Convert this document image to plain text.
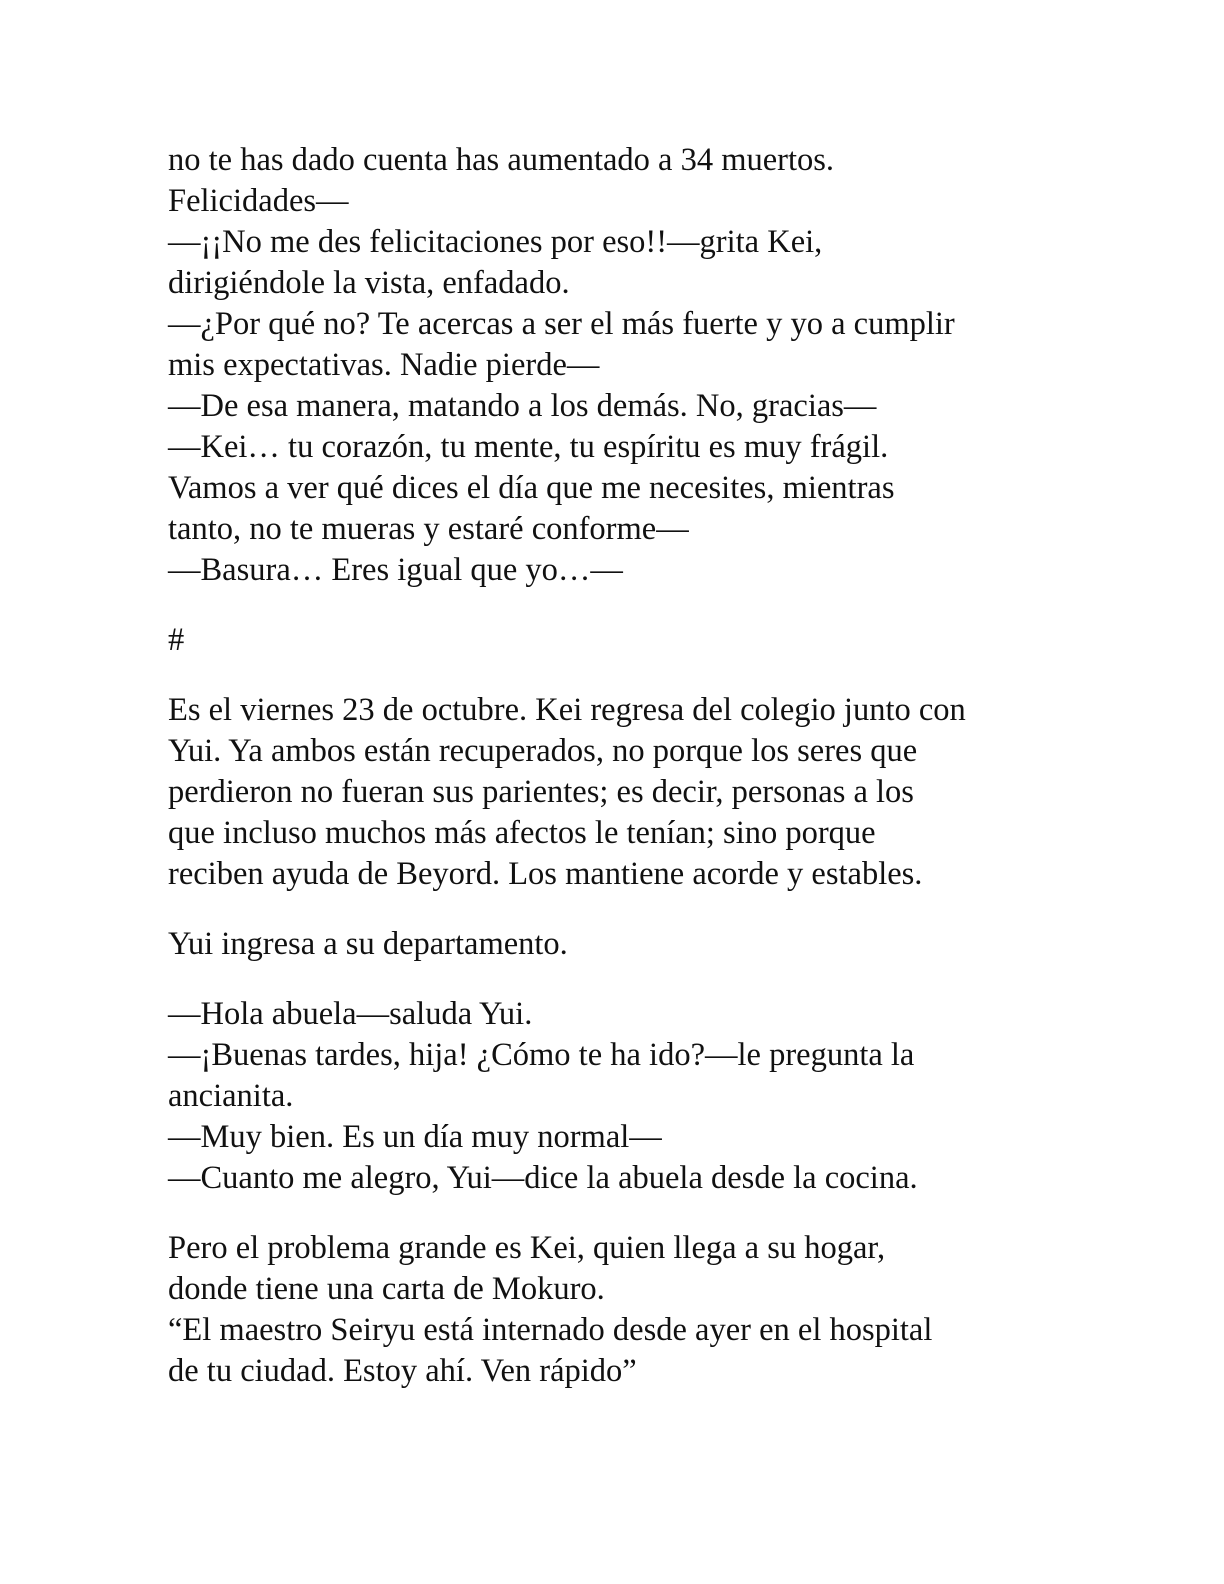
no te has dado cuenta has aumentado a 34 muertos.
Felicidades—
—¡¡No me des felicitaciones por eso!!—grita Kei,
dirigiéndole la vista, enfadado.
—¿Por qué no? Te acercas a ser el más fuerte y yo a cumplir
mis expectativas. Nadie pierde—
—De esa manera, matando a los demás. No, gracias—
—Kei… tu corazón, tu mente, tu espíritu es muy frágil.
Vamos a ver qué dices el día que me necesites, mientras
tanto, no te mueras y estaré conforme—
—Basura… Eres igual que yo…—

#

Es el viernes 23 de octubre. Kei regresa del colegio junto con
Yui. Ya ambos están recuperados, no porque los seres que
perdieron no fueran sus parientes; es decir, personas a los
que incluso muchos más afectos le tenían; sino porque
reciben ayuda de Beyord. Los mantiene acorde y estables.

Yui ingresa a su departamento.

—Hola abuela—saluda Yui.
—¡Buenas tardes, hija! ¿Cómo te ha ido?—le pregunta la
ancianita.
—Muy bien. Es un día muy normal—
—Cuanto me alegro, Yui—dice la abuela desde la cocina.

Pero el problema grande es Kei, quien llega a su hogar,
donde tiene una carta de Mokuro.
“El maestro Seiryu está internado desde ayer en el hospital
de tu ciudad. Estoy ahí. Ven rápido”
